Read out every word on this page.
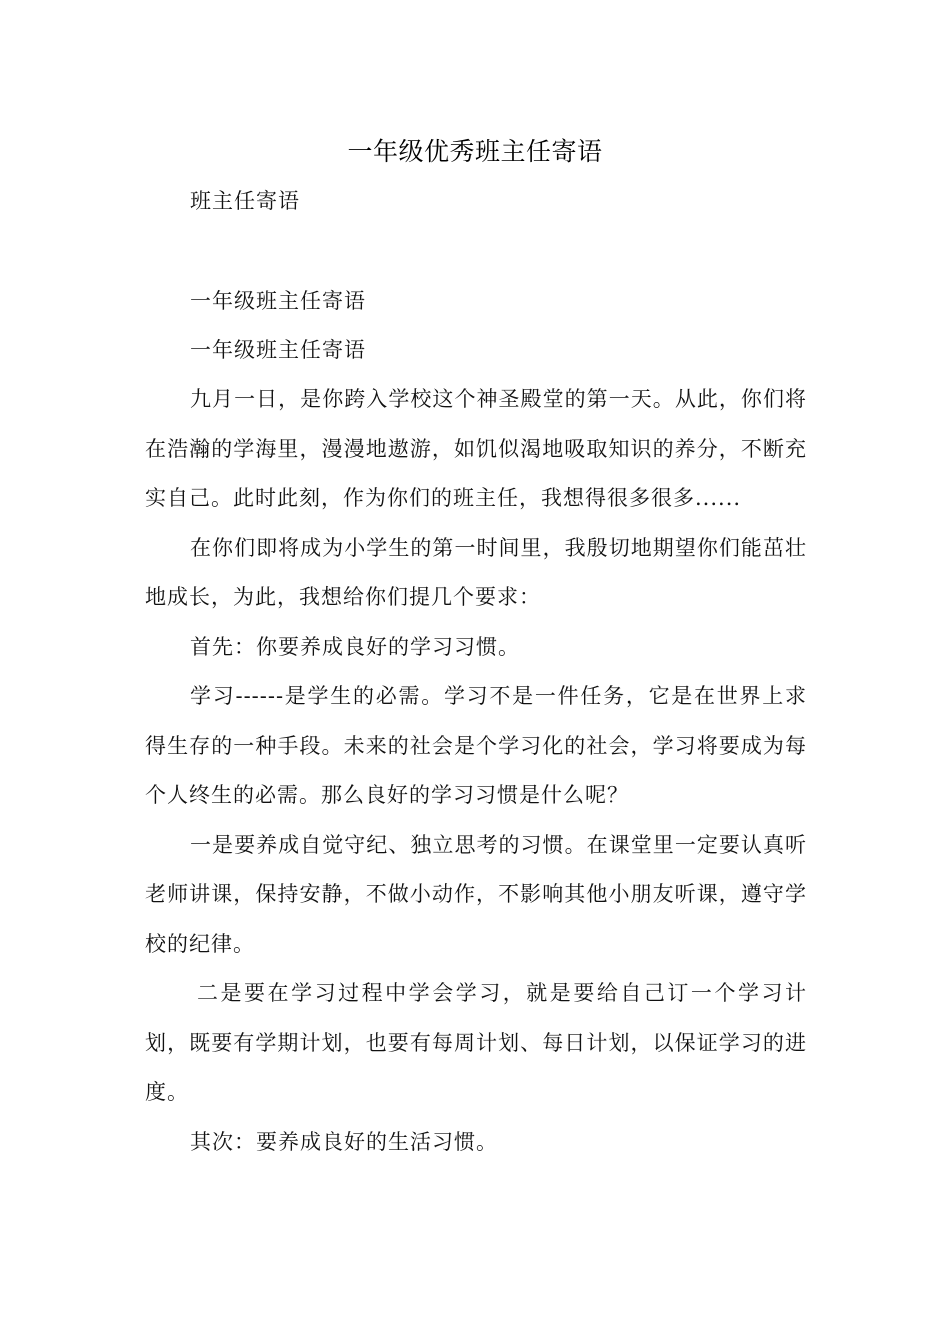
一年级优秀班主任寄语
班主任寄语
一年级班主任寄语
一年级班主任寄语

九月一日，是你跨入学校这个神圣殿堂的第一天。从此，你们将在浩瀚的学海里，漫漫地遨游，如饥似渴地吸取知识的养分，不断充实自己。此时此刻，作为你们的班主任，我想得很多很多......

在你们即将成为小学生的第一时间里，我殷切地期望你们能茁壮地成长，为此，我想给你们提几个要求：

首先：你要养成良好的学习习惯。

学习------是学生的必需。学习不是一件任务，它是在世界上求得生存的一种手段。未来的社会是个学习化的社会，学习将要成为每个人终生的必需。那么良好的学习习惯是什么呢？

一是要养成自觉守纪、独立思考的习惯。在课堂里一定要认真听老师讲课，保持安静，不做小动作，不影响其他小朋友听课，遵守学校的纪律。

二是要在学习过程中学会学习，就是要给自己订一个学习计划，既要有学期计划，也要有每周计划、每日计划，以保证学习的进度。

其次：要养成良好的生活习惯。
